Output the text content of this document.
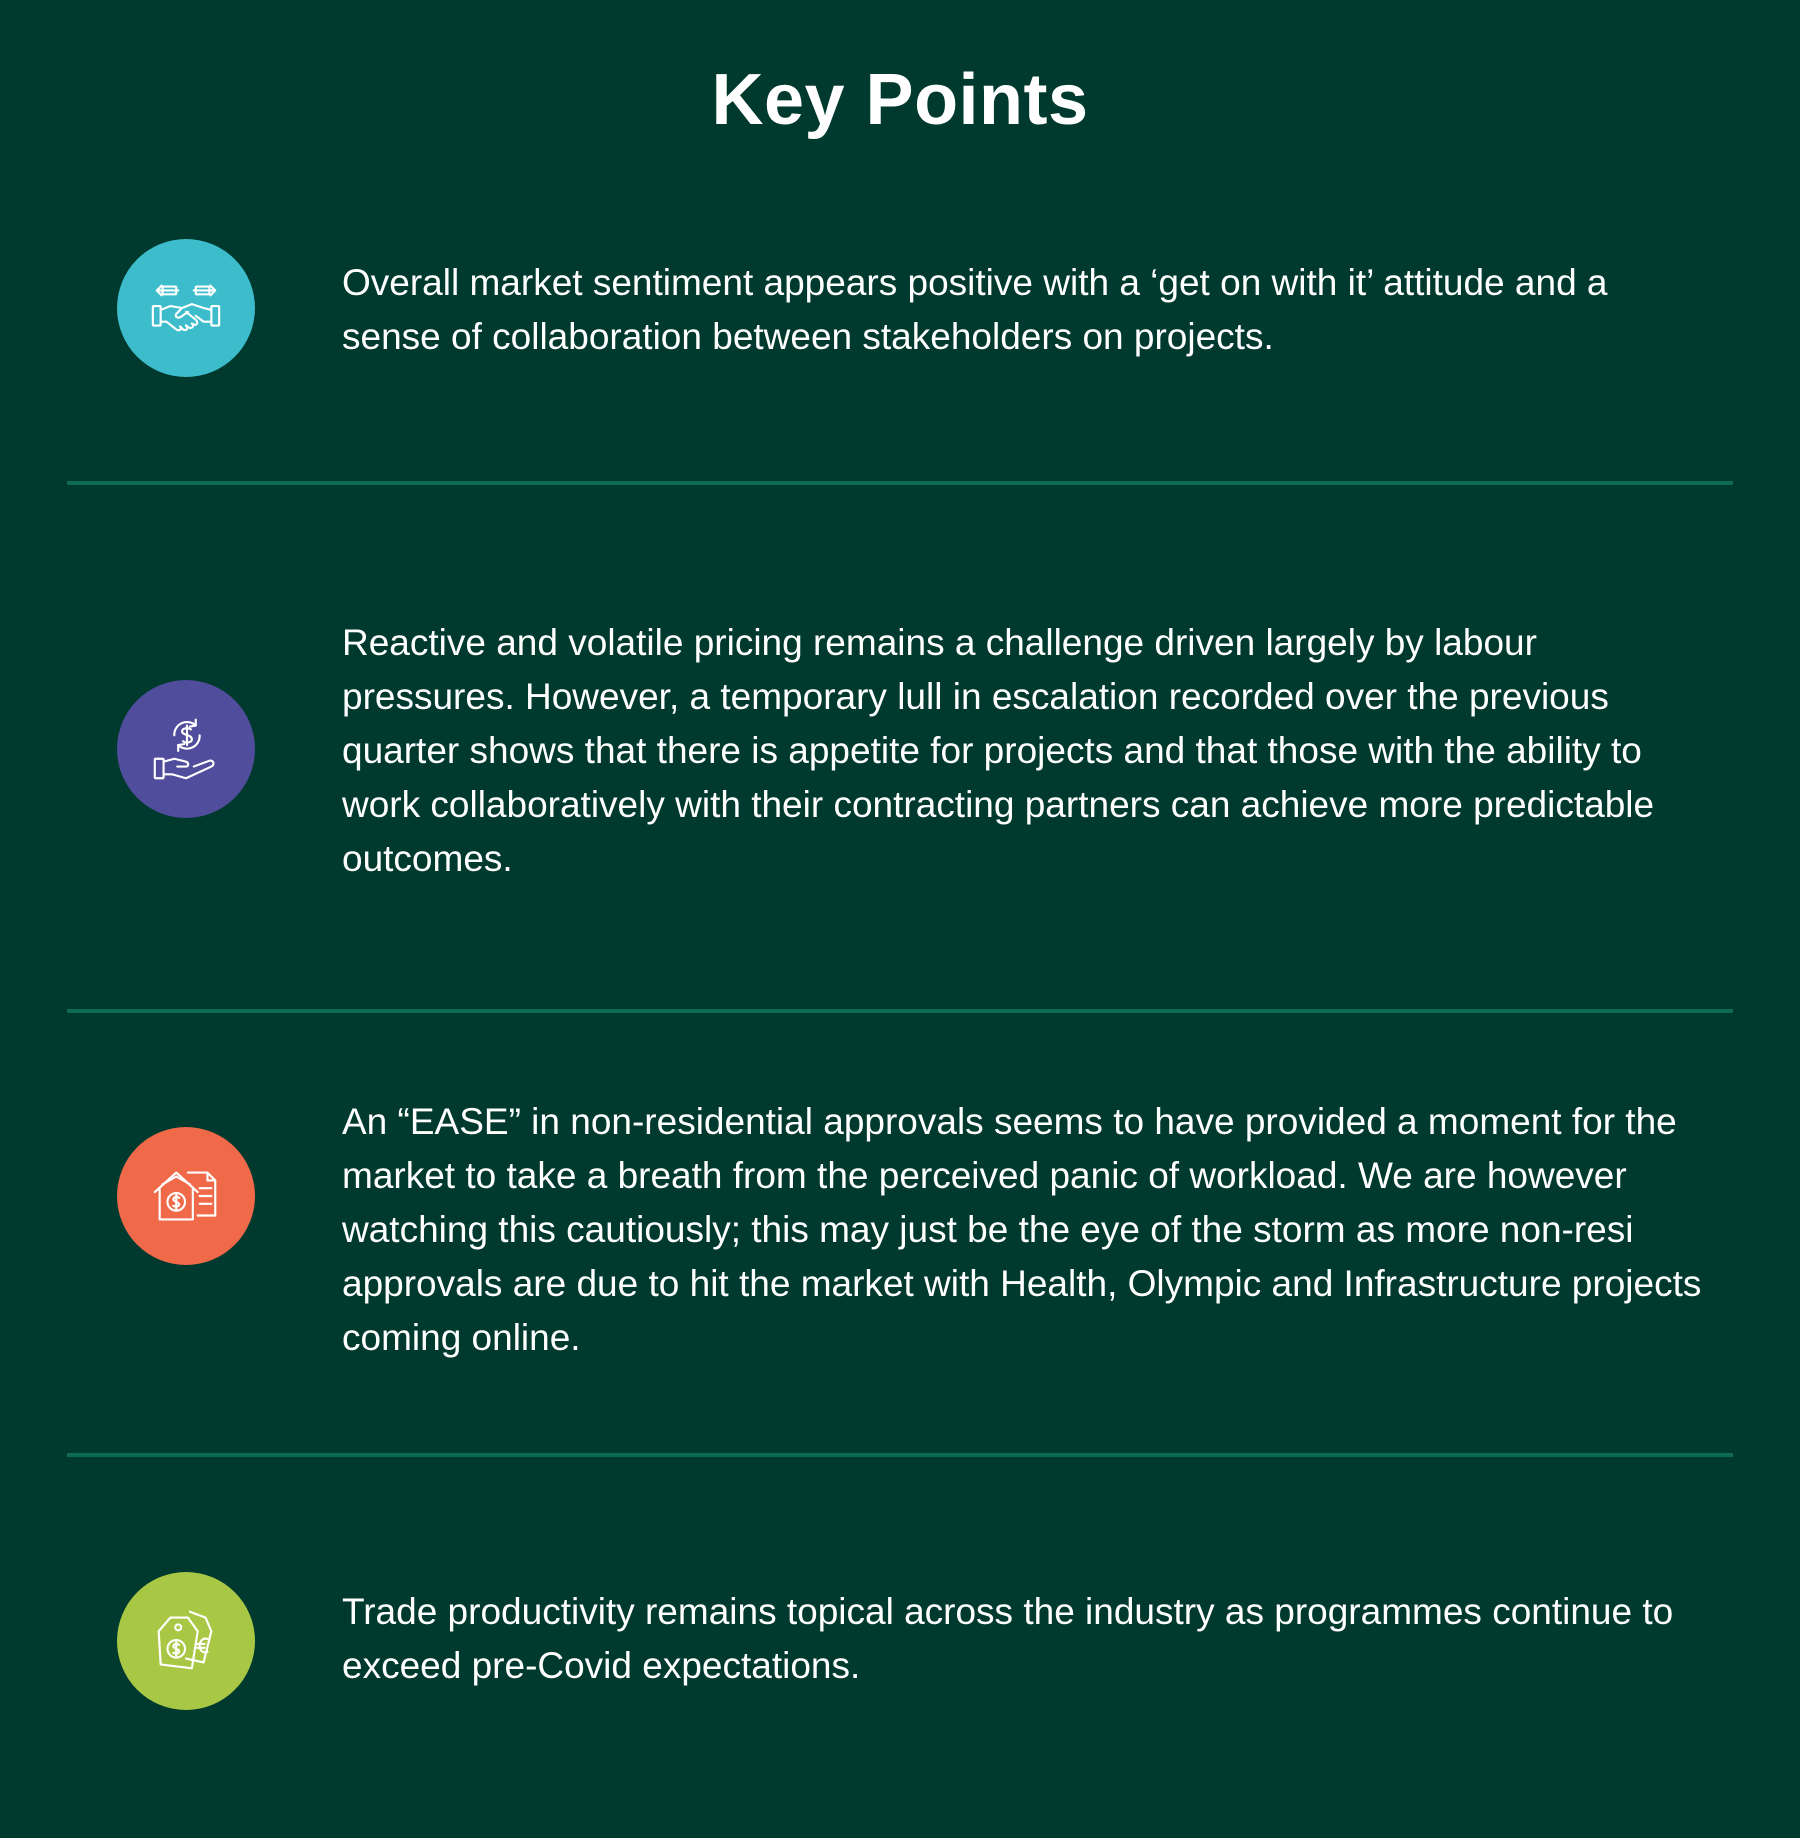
Key Points

Overall market sentiment appears positive with a ‘get on with it’ attitude and a sense of collaboration between stakeholders on projects.

Reactive and volatile pricing remains a challenge driven largely by labour pressures. However, a temporary lull in escalation recorded over the previous quarter shows that there is appetite for projects and that those with the ability to work collaboratively with their contracting partners can achieve more predictable outcomes.

An “EASE” in non-residential approvals seems to have provided a moment for the market to take a breath from the perceived panic of workload. We are however watching this cautiously; this may just be the eye of the storm as more non-resi approvals are due to hit the market with Health, Olympic and Infrastructure projects coming online.

Trade productivity remains topical across the industry as programmes continue to exceed pre-Covid expectations.
